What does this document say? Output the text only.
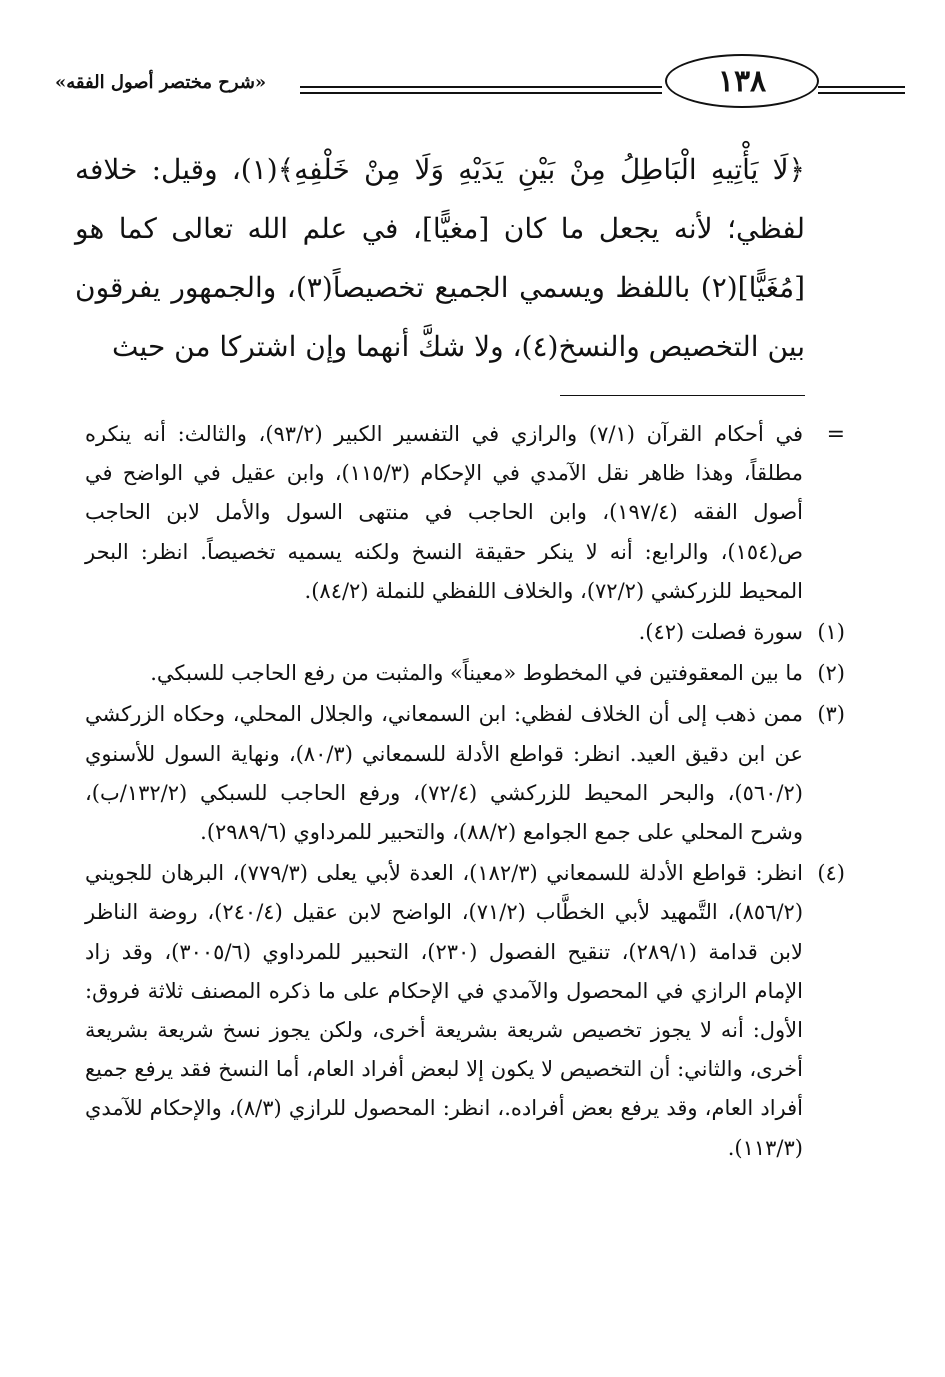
١٣٨
«شرح مختصر أصول الفقه»

﴿لَا يَأْتِيهِ الْبَاطِلُ مِنْ بَيْنِ يَدَيْهِ وَلَا مِنْ خَلْفِهِ﴾(١)، وقيل: خلافه لفظي؛ لأنه يجعل ما كان [مغيًّا]، في علم الله تعالى كما هو [مُغَيًّا](٢) باللفظ ويسمي الجميع تخصيصاً(٣)، والجمهور يفرقون بين التخصيص والنسخ(٤)، ولا شكَّ أنهما وإن اشتركا من حيث

=

في أحكام القرآن (٧/١) والرازي في التفسير الكبير (٩٣/٢)، والثالث: أنه ينكره مطلقاً، وهذا ظاهر نقل الآمدي في الإحكام (١١٥/٣)، وابن عقيل في الواضح في أصول الفقه (١٩٧/٤)، وابن الحاجب في منتهى السول والأمل لابن الحاجب ص(١٥٤)، والرابع: أنه لا ينكر حقيقة النسخ ولكنه يسميه تخصيصاً. انظر: البحر المحيط للزركشي (٧٢/٢)، والخلاف اللفظي للنملة (٨٤/٢).

(١)

سورة فصلت (٤٢).

(٢)

ما بين المعقوفتين في المخطوط «معيناً» والمثبت من رفع الحاجب للسبكي.

(٣)

ممن ذهب إلى أن الخلاف لفظي: ابن السمعاني، والجلال المحلي، وحكاه الزركشي عن ابن دقيق العيد. انظر: قواطع الأدلة للسمعاني (٨٠/٣)، ونهاية السول للأسنوي (٥٦٠/٢)، والبحر المحيط للزركشي (٧٢/٤)، ورفع الحاجب للسبكي (١٣٢/٢/ب)، وشرح المحلي على جمع الجوامع (٨٨/٢)، والتحبير للمرداوي (٢٩٨٩/٦).

(٤)

انظر: قواطع الأدلة للسمعاني (١٨٢/٣)، العدة لأبي يعلى (٧٧٩/٣)، البرهان للجويني (٨٥٦/٢)، التَّمهيد لأبي الخطَّاب (٧١/٢)، الواضح لابن عقيل (٢٤٠/٤)، روضة الناظر لابن قدامة (٢٨٩/١)، تنقيح الفصول (٢٣٠)، التحبير للمرداوي (٣٠٠٥/٦)، وقد زاد الإمام الرازي في المحصول والآمدي في الإحكام على ما ذكره المصنف ثلاثة فروق: الأول: أنه لا يجوز تخصيص شريعة بشريعة أخرى، ولكن يجوز نسخ شريعة بشريعة أخرى، والثاني: أن التخصيص لا يكون إلا لبعض أفراد العام، أما النسخ فقد يرفع جميع أفراد العام، وقد يرفع بعض أفراده.، انظر: المحصول للرازي (٨/٣)، والإحكام للآمدي (١١٣/٣).
